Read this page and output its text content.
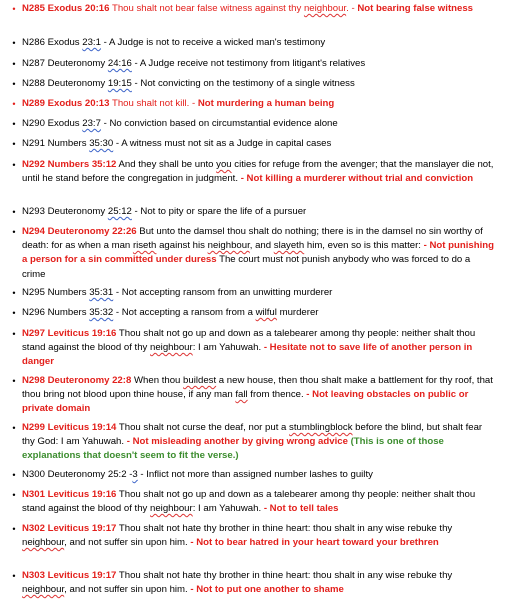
• N285 Exodus 20:16 Thou shalt not bear false witness against thy neighbour. - Not bearing false witness
• N286 Exodus 23:1 - A Judge is not to receive a wicked man's testimony
• N287 Deuteronomy 24:16 - A Judge receive not testimony from litigant's relatives
• N288 Deuteronomy 19:15 - Not convicting on the testimony of a single witness
• N289 Exodus 20:13 Thou shalt not kill. - Not murdering a human being
• N290 Exodus 23:7 - No conviction based on circumstantial evidence alone
• N291 Numbers 35:30 - A witness must not sit as a Judge in capital cases
• N292 Numbers 35:12 And they shall be unto you cities for refuge from the avenger; that the manslayer die not, until he stand before the congregation in judgment. - Not killing a murderer without trial and conviction
• N293 Deuteronomy 25:12 - Not to pity or spare the life of a pursuer
• N294 Deuteronomy 22:26 But unto the damsel thou shalt do nothing; there is in the damsel no sin worthy of death: for as when a man riseth against his neighbour, and slayeth him, even so is this matter: - Not punishing a person for a sin committed under duress The court must not punish anybody who was forced to do a crime
• N295 Numbers 35:31 - Not accepting ransom from an unwitting murderer
• N296 Numbers 35:32 - Not accepting a ransom from a wilful murderer
• N297 Leviticus 19:16 Thou shalt not go up and down as a talebearer among thy people: neither shalt thou stand against the blood of thy neighbour: I am Yahuwah. - Hesitate not to save life of another person in danger
• N298 Deuteronomy 22:8 When thou buildest a new house, then thou shalt make a battlement for thy roof, that thou bring not blood upon thine house, if any man fall from thence. - Not leaving obstacles on public or private domain
• N299 Leviticus 19:14 Thou shalt not curse the deaf, nor put a stumblingblock before the blind, but shalt fear thy God: I am Yahuwah. - Not misleading another by giving wrong advice (This is one of those explanations that doesn't seem to fit the verse.)
• N300 Deuteronomy 25:2 -3 - Inflict not more than assigned number lashes to guilty
• N301 Leviticus 19:16 Thou shalt not go up and down as a talebearer among thy people: neither shalt thou stand against the blood of thy neighbour: I am Yahuwah. - Not to tell tales
• N302 Leviticus 19:17 Thou shalt not hate thy brother in thine heart: thou shalt in any wise rebuke thy neighbour, and not suffer sin upon him. - Not to bear hatred in your heart toward your brethren
• N303 Leviticus 19:17 Thou shalt not hate thy brother in thine heart: thou shalt in any wise rebuke thy neighbour, and not suffer sin upon him. - Not to put one another to shame
